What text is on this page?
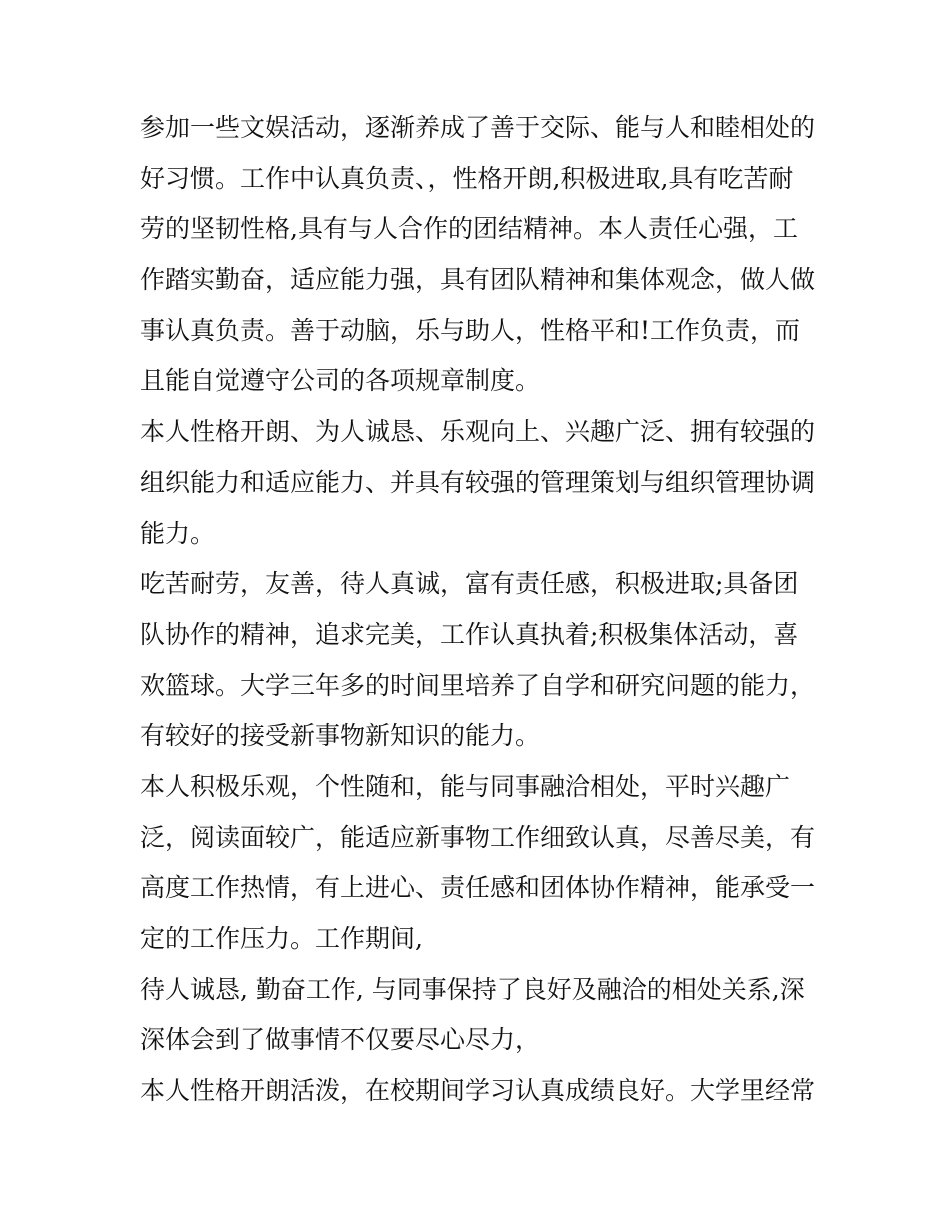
参加一些文娱活动，逐渐养成了善于交际、能与人和睦相处的
好习惯。工作中认真负责、，性格开朗,积极进取,具有吃苦耐
劳的坚韧性格,具有与人合作的团结精神。本人责任心强，工
作踏实勤奋，适应能力强，具有团队精神和集体观念，做人做
事认真负责。善于动脑，乐与助人，性格平和!工作负责，而
且能自觉遵守公司的各项规章制度。
本人性格开朗、为人诚恳、乐观向上、兴趣广泛、拥有较强的
组织能力和适应能力、并具有较强的管理策划与组织管理协调
能力。
吃苦耐劳，友善，待人真诚，富有责任感，积极进取;具备团
队协作的精神，追求完美，工作认真执着;积极集体活动，喜
欢篮球。大学三年多的时间里培养了自学和研究问题的能力，
有较好的接受新事物新知识的能力。
本人积极乐观，个性随和，能与同事融洽相处，平时兴趣广
泛，阅读面较广，能适应新事物工作细致认真，尽善尽美，有
高度工作热情，有上进心、责任感和团体协作精神，能承受一
定的工作压力。工作期间,
待人诚恳, 勤奋工作, 与同事保持了良好及融洽的相处关系,深
深体会到了做事情不仅要尽心尽力，
本人性格开朗活泼，在校期间学习认真成绩良好。大学里经常
